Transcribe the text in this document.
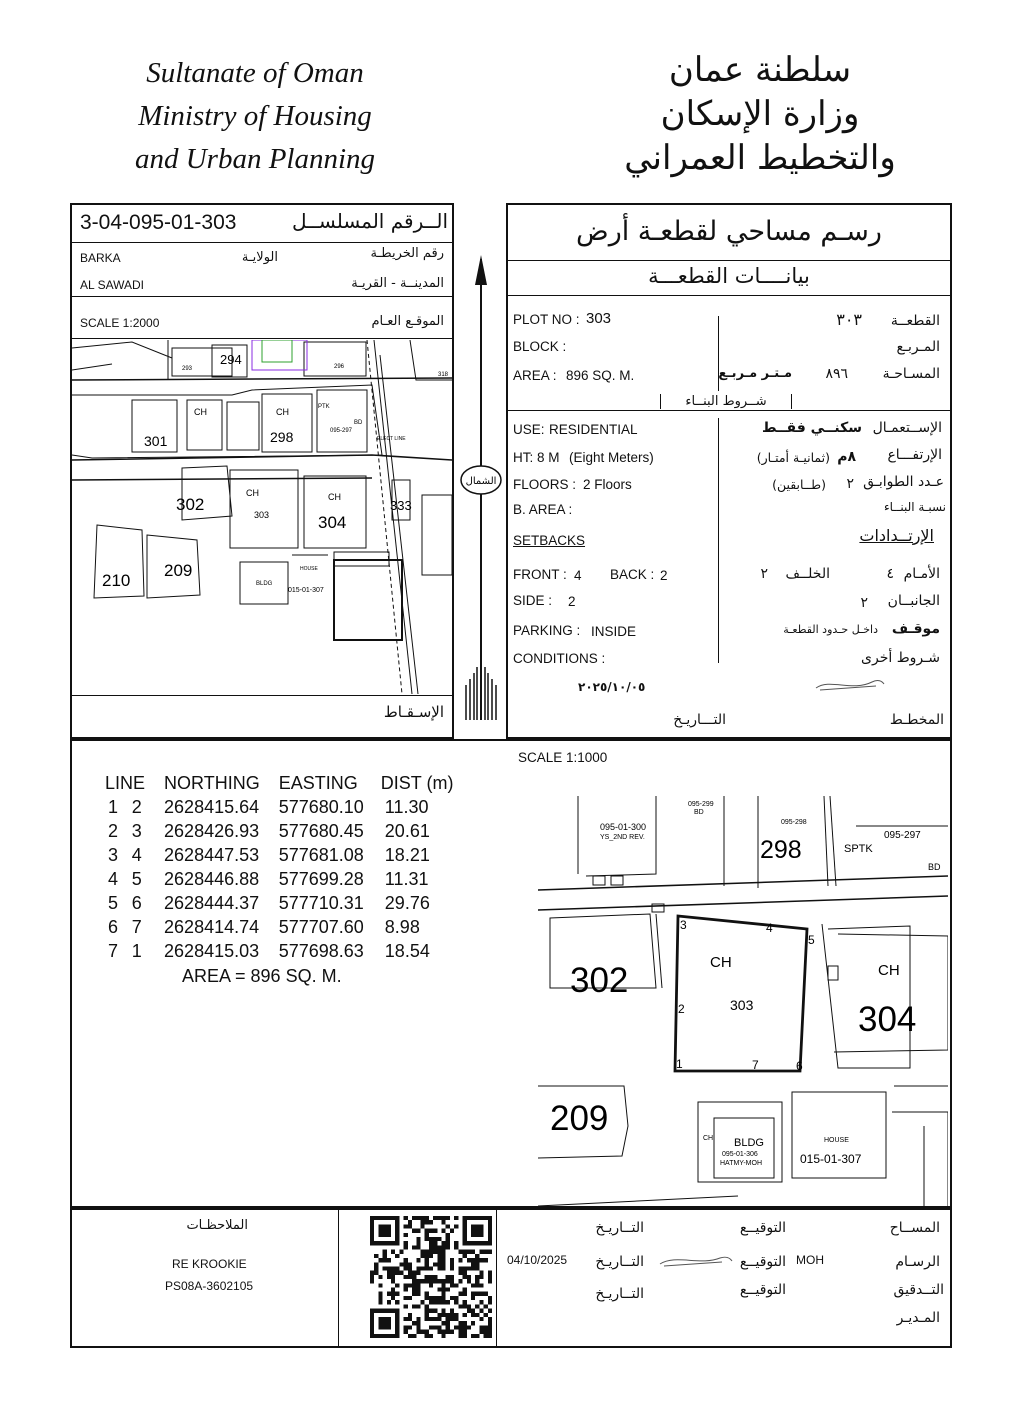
Sultanate of Oman
Ministry of Housing
and Urban Planning
سلطنة عمان
وزارة الإسكان
والتخطيط العمراني
3-04-095-01-303	الــرقم المسلســل
رقم الخريطـة
BARKA	الولايـة
AL SAWADI	المدينــة - القريـة
SCALE 1:2000	الموقـع العـام
294
293	296
318
CH	CH	PTK
095-297
BD
ELECT LINE
301	298
CH	CH
302
303	304
333
209
210	BLDG
HOUSE
015-01-307
الإسـقـاط
الشمال
رسـم مساحي لقطعـة أرض
بيانــــات القطعـــة
PLOT NO : 303	٣٠٣ القطعــة
BLOCK :	المـربـع
AREA : 896 SQ. M.	مـتـر مـربـع ٨٩٦ المسـاحـة
شــروط البنــاء
USE: RESIDENTIAL	سكنــي فقــط الإســتعمـال
HT: 8 M (Eight Meters)	(ثمانيـة أمتـار) ٨م الإرتفـــاع
FLOORS : 2 Floors	(طــابقين) ٢ عـدد الطوابـق
B. AREA :	نسبـة البنــاء
SETBACKS	الإرتــدادات
FRONT : 4 BACK : 2	٢ الخلــف	٤ الأمـام
SIDE : 2	٢ الجانبــان
PARKING : INSIDE	داخـل حـدود القطعـة موقـف
CONDITIONS :	شـروط أخرى
٢٠٢٥/١٠/٠٥
التـــاريـخ	المخطـط
LINE		NORTHING	EASTING	DIST (m)
1	2	2628415.64	577680.10	11.30
2	3	2628426.93	577680.45	20.61
3	4	2628447.53	577681.08	18.21
4	5	2628446.88	577699.28	11.31
5	6	2628444.37	577710.31	29.76
6	7	2628414.74	577707.60	8.98
7	1	2628415.03	577698.63	18.54
AREA = 896 SQ. M.
SCALE 1:1000
095-299
BD
095-298
095-297
095-01-300
YS_2ND REV.	298	SPTK
BD
302	CH
303
CH
304
209
CH BLDG
095-01-306
HATMY-MOH
HOUSE
015-01-307
1
2
3	4
5
6
7
الملاحظـات
RE KROOKIE
PS08A-3602105
التــاريـخ	التوقيــع	المســاح
04/10/2025 التــاريـخ	التوقيــع MOH	الرسـام
التــاريـخ	التوقيــع	التــدقيق
المـديـر
